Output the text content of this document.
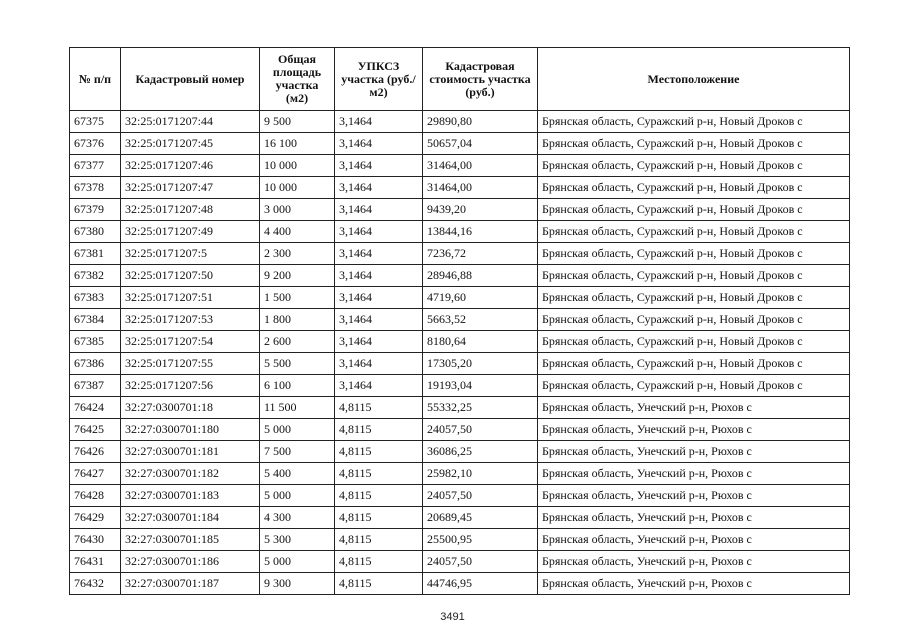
№ п/п	Кадастровый номер	Общая площадь участка (м2)	УПКСЗ участка (руб./м2)	Кадастровая стоимость участка (руб.)	Местоположение
67375	32:25:0171207:44	9 500	3,1464	29890,80	Брянская область, Суражский р-н, Новый Дроков с
67376	32:25:0171207:45	16 100	3,1464	50657,04	Брянская область, Суражский р-н, Новый Дроков с
67377	32:25:0171207:46	10 000	3,1464	31464,00	Брянская область, Суражский р-н, Новый Дроков с
67378	32:25:0171207:47	10 000	3,1464	31464,00	Брянская область, Суражский р-н, Новый Дроков с
67379	32:25:0171207:48	3 000	3,1464	9439,20	Брянская область, Суражский р-н, Новый Дроков с
67380	32:25:0171207:49	4 400	3,1464	13844,16	Брянская область, Суражский р-н, Новый Дроков с
67381	32:25:0171207:5	2 300	3,1464	7236,72	Брянская область, Суражский р-н, Новый Дроков с
67382	32:25:0171207:50	9 200	3,1464	28946,88	Брянская область, Суражский р-н, Новый Дроков с
67383	32:25:0171207:51	1 500	3,1464	4719,60	Брянская область, Суражский р-н, Новый Дроков с
67384	32:25:0171207:53	1 800	3,1464	5663,52	Брянская область, Суражский р-н, Новый Дроков с
67385	32:25:0171207:54	2 600	3,1464	8180,64	Брянская область, Суражский р-н, Новый Дроков с
67386	32:25:0171207:55	5 500	3,1464	17305,20	Брянская область, Суражский р-н, Новый Дроков с
67387	32:25:0171207:56	6 100	3,1464	19193,04	Брянская область, Суражский р-н, Новый Дроков с
76424	32:27:0300701:18	11 500	4,8115	55332,25	Брянская область, Унечский р-н, Рюхов с
76425	32:27:0300701:180	5 000	4,8115	24057,50	Брянская область, Унечский р-н, Рюхов с
76426	32:27:0300701:181	7 500	4,8115	36086,25	Брянская область, Унечский р-н, Рюхов с
76427	32:27:0300701:182	5 400	4,8115	25982,10	Брянская область, Унечский р-н, Рюхов с
76428	32:27:0300701:183	5 000	4,8115	24057,50	Брянская область, Унечский р-н, Рюхов с
76429	32:27:0300701:184	4 300	4,8115	20689,45	Брянская область, Унечский р-н, Рюхов с
76430	32:27:0300701:185	5 300	4,8115	25500,95	Брянская область, Унечский р-н, Рюхов с
76431	32:27:0300701:186	5 000	4,8115	24057,50	Брянская область, Унечский р-н, Рюхов с
76432	32:27:0300701:187	9 300	4,8115	44746,95	Брянская область, Унечский р-н, Рюхов с
3491
